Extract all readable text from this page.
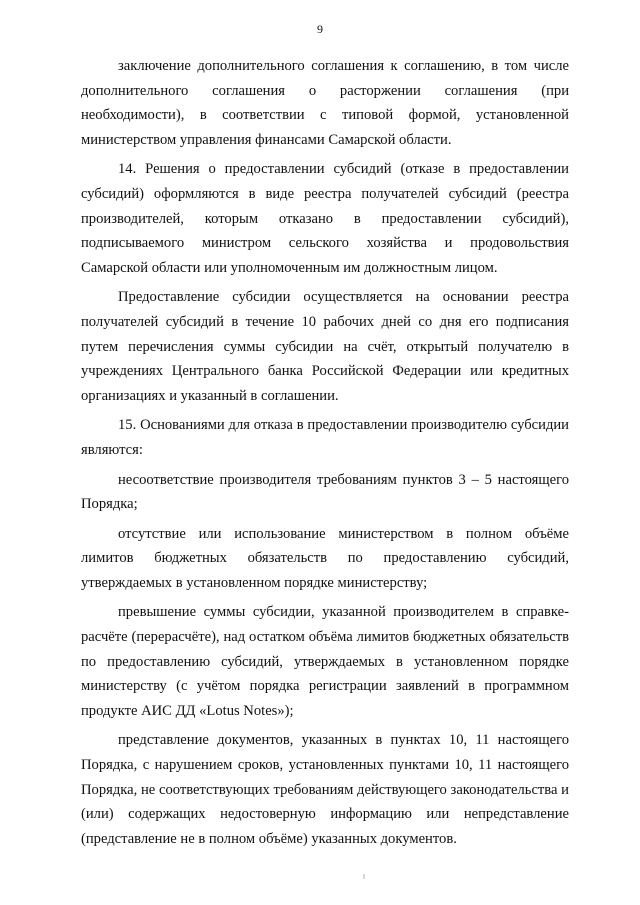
9

заключение дополнительного соглашения к соглашению, в том числе дополнительного соглашения о расторжении соглашения (при необходимости), в соответствии с типовой формой, установленной министерством управления финансами Самарской области.

14. Решения о предоставлении субсидий (отказе в предоставлении субсидий) оформляются в виде реестра получателей субсидий (реестра производителей, которым отказано в предоставлении субсидий), подписываемого министром сельского хозяйства и продовольствия Самарской области или уполномоченным им должностным лицом.

Предоставление субсидии осуществляется на основании реестра получателей субсидий в течение 10 рабочих дней со дня его подписания путем перечисления суммы субсидии на счёт, открытый получателю в учреждениях Центрального банка Российской Федерации или кредитных организациях и указанный в соглашении.

15. Основаниями для отказа в предоставлении производителю субсидии являются:

несоответствие производителя требованиям пунктов 3 – 5 настоящего Порядка;

отсутствие или использование министерством в полном объёме лимитов бюджетных обязательств по предоставлению субсидий, утверждаемых в установленном порядке министерству;

превышение суммы субсидии, указанной производителем в справке-расчёте (перерасчёте), над остатком объёма лимитов бюджетных обязательств по предоставлению субсидий, утверждаемых в установленном порядке министерству (с учётом порядка регистрации заявлений в программном продукте АИС ДД «Lotus Notes»);

представление документов, указанных в пунктах 10, 11 настоящего Порядка, с нарушением сроков, установленных пунктами 10, 11 настоящего Порядка, не соответствующих требованиям действующего законодательства и (или) содержащих недостоверную информацию или непредставление (представление не в полном объёме) указанных документов.
